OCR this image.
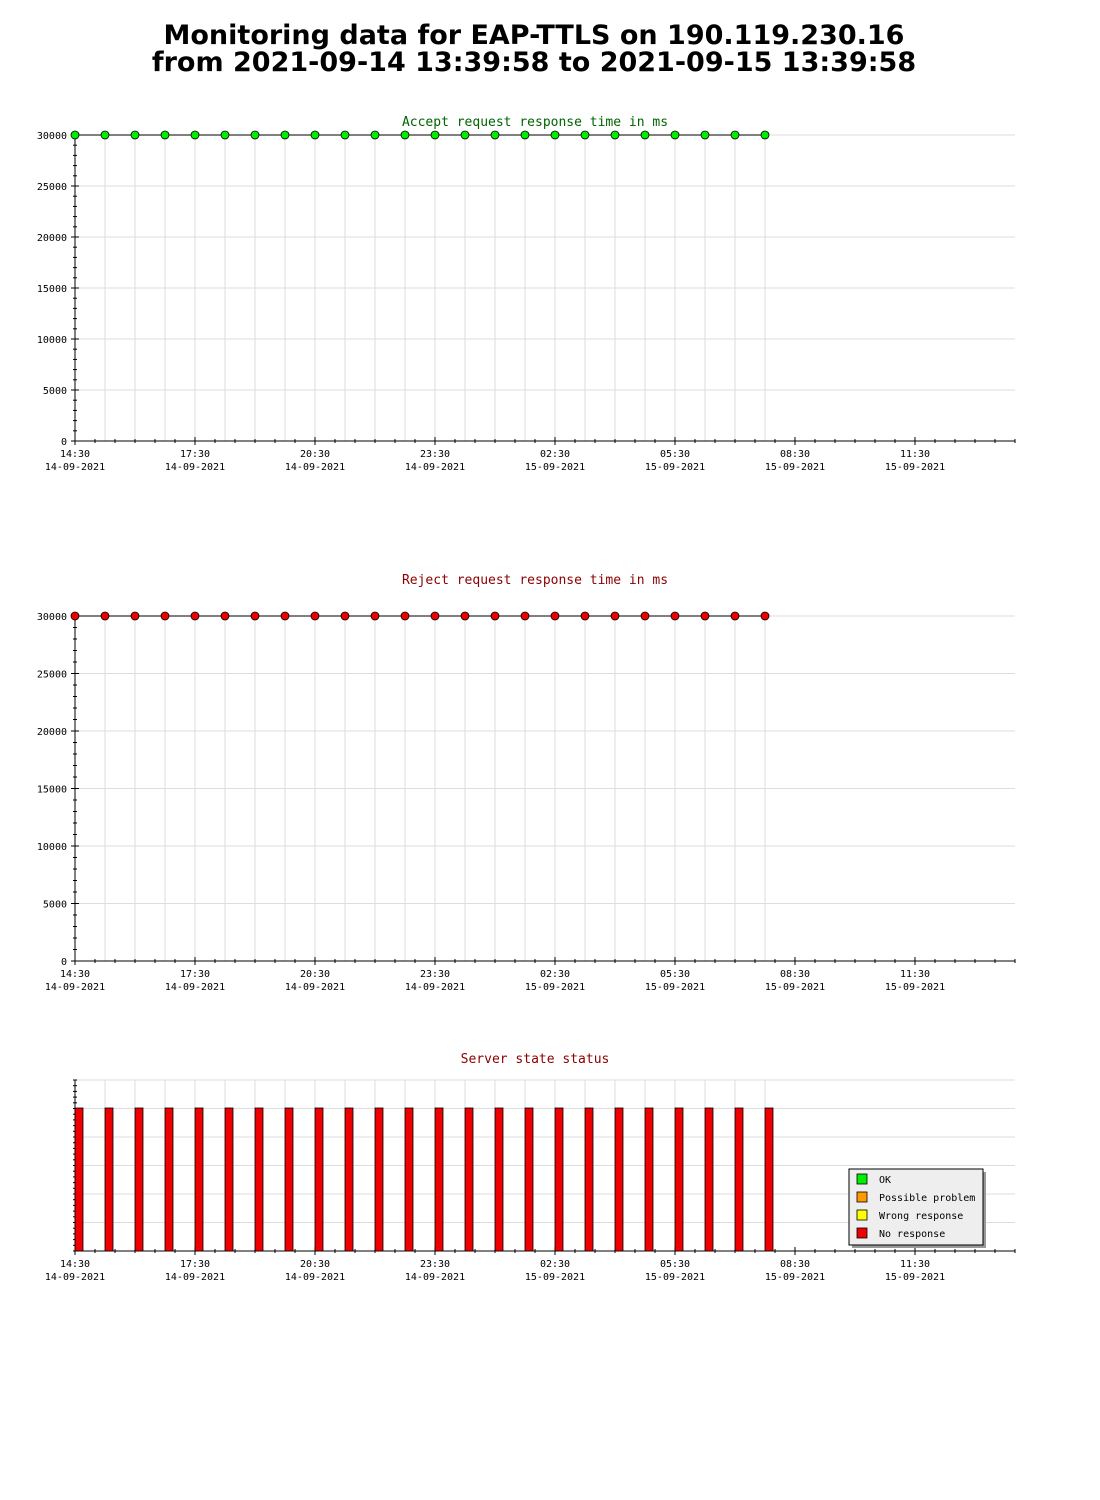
Monitoring data for EAP-TTLS on 190.119.230.16
from 2021-09-14 13:39:58 to 2021-09-15 13:39:58
Accept request response time in ms
14:30
14-09-2021
17:30
14-09-2021
20:30
14-09-2021
23:30
14-09-2021
02:30
15-09-2021
05:30
15-09-2021
08:30
15-09-2021
11:30
15-09-2021
0
5000
10000
15000
20000
25000
30000
Reject request response time in ms
14:30
14-09-2021
17:30
14-09-2021
20:30
14-09-2021
23:30
14-09-2021
02:30
15-09-2021
05:30
15-09-2021
08:30
15-09-2021
11:30
15-09-2021
0
5000
10000
15000
20000
25000
30000
Server state status
14:30
14-09-2021
17:30
14-09-2021
20:30
14-09-2021
23:30
14-09-2021
02:30
15-09-2021
05:30
15-09-2021
08:30
15-09-2021
11:30
15-09-2021
OK
Possible problem
Wrong response
No response
